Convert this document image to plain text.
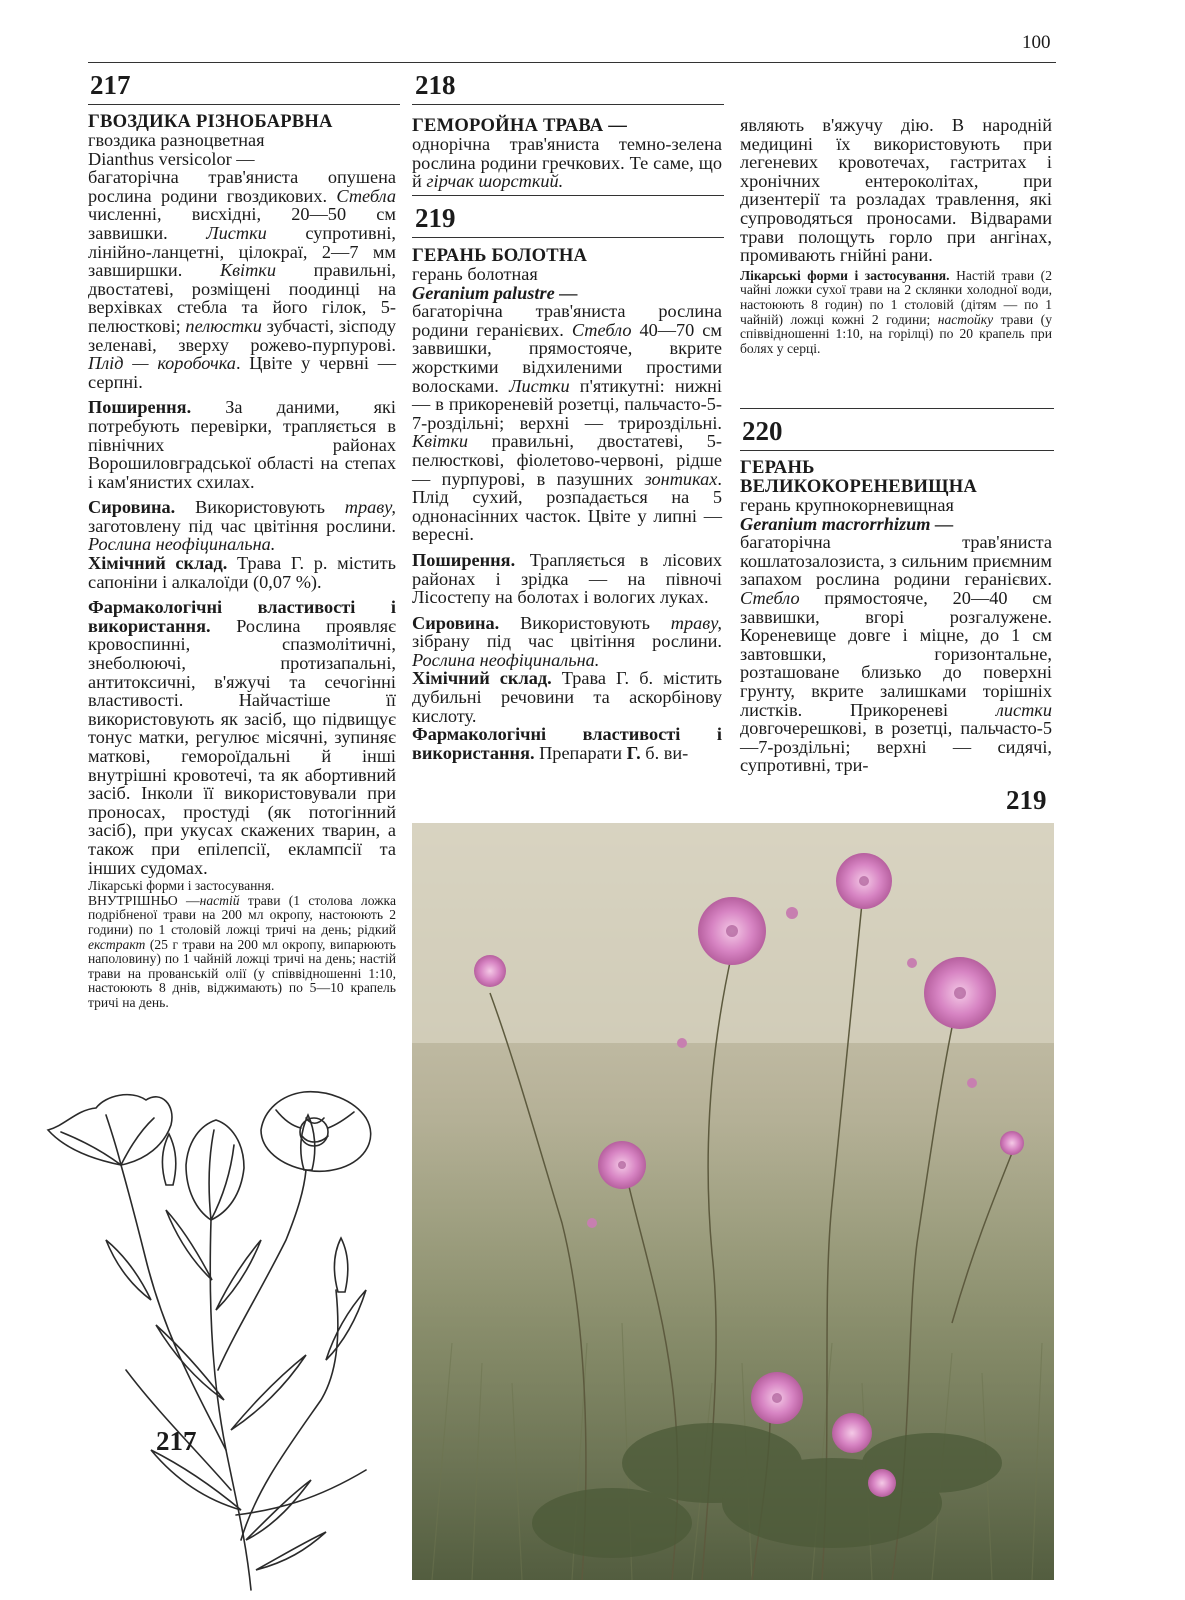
100
217
ГВОЗДИКА РІЗНОБАРВНА
гвоздика разноцветная
Dianthus versicolor —
багаторічна трав'яниста опушена рослина родини гвоздикових. Стебла численні, висхідні, 20—50 см заввишки. Листки супротивні, лінійно-ланцетні, цілокраї, 2—7 мм завширшки. Квітки правильні, двостатеві, розміщені поодинці на верхівках стебла та його гілок, 5-пелюсткові; пелюстки зубчасті, зісподу зеленаві, зверху рожево-пурпурові. Плід — коробочка. Цвіте у червні — серпні.
Поширення. За даними, які потребують перевірки, трапляється в північних районах Ворошиловградської області на степах і кам'янистих схилах.
Сировина. Використовують траву, заготовлену під час цвітіння рослини. Рослина неофіцинальна.
Хімічний склад. Трава Г. р. містить сапоніни і алкалоїди (0,07 %).
Фармакологічні властивості і використання. Рослина проявляє кровоспинні, спазмолітичні, знеболюючі, протизапальні, антитоксичні, в'яжучі та сечогінні властивості. Найчастіше її використовують як засіб, що підвищує тонус матки, регулює місячні, зупиняє маткові, гемороїдальні й інші внутрішні кровотечі, та як абортивний засіб. Інколи її використовували при проносах, простуді (як потогінний засіб), при укусах скажених тварин, а також при епілепсії, еклампсії та інших судомах.
Лікарські форми і застосування.
ВНУТРІШНЬО —настій трави (1 столова ложка подрібненої трави на 200 мл окропу, настоюють 2 години) по 1 столовій ложці тричі на день; рідкий екстракт (25 г трави на 200 мл окропу, випарюють наполовину) по 1 чайній ложці тричі на день; настій трави на прованській олії (у співвідношенні 1:10, настоюють 8 днів, віджимають) по 5—10 крапель тричі на день.
217
218
ГЕМОРОЙНА ТРАВА —
однорічна трав'яниста темно-зелена рослина родини гречкових. Те саме, що й гірчак шорсткий.
219
ГЕРАНЬ БОЛОТНА
герань болотная
Geranium palustre —
багаторічна трав'яниста рослина родини геранієвих. Стебло 40—70 см заввишки, прямостояче, вкрите жорсткими відхиленими простими волосками. Листки п'ятикутні: нижні — в прикореневій розетці, пальчасто-5-7-роздільні; верхні — трироздільні. Квітки правильні, двостатеві, 5-пелюсткові, фіолетово-червоні, рідше — пурпурові, в пазушних зонтиках. Плід сухий, розпадається на 5 однонасінних часток. Цвіте у липні — вересні.
Поширення. Трапляється в лісових районах і зрідка — на півночі Лісостепу на болотах і вологих луках.
Сировина. Використовують траву, зібрану під час цвітіння рослини. Рослина неофіцинальна.
Хімічний склад. Трава Г. б. містить дубильні речовини та аскорбінову кислоту.
Фармакологічні властивості і використання. Препарати Г. б. ви-
являють в'яжучу дію. В народній медицині їх використовують при легеневих кровотечах, гастритах і хронічних ентероколітах, при дизентерії та розладах травлення, які супроводяться проносами. Відварами трави полощуть горло при ангінах, промивають гнійні рани.
Лікарські форми і застосування. Настій трави (2 чайні ложки сухої трави на 2 склянки холодної води, настоюють 8 годин) по 1 столовій (дітям — по 1 чайній) ложці кожні 2 години; настойку трави (у співвідношенні 1:10, на горілці) по 20 крапель при болях у серці.
220
ГЕРАНЬ
ВЕЛИКОКОРЕНЕВИЩНА
герань крупнокорневищная
Geranium macrorrhizum —
багаторічна трав'яниста кошлатозалозиста, з сильним приємним запахом рослина родини геранієвих. Стебло прямостояче, 20—40 см заввишки, вгорі розгалужене. Кореневище довге і міцне, до 1 см завтовшки, горизонтальне, розташоване близько до поверхні грунту, вкрите залишками торішніх листків. Прикореневі листки довгочерешкові, в розетці, пальчасто-5—7-роздільні; верхні — сидячі, супротивні, три-
219
